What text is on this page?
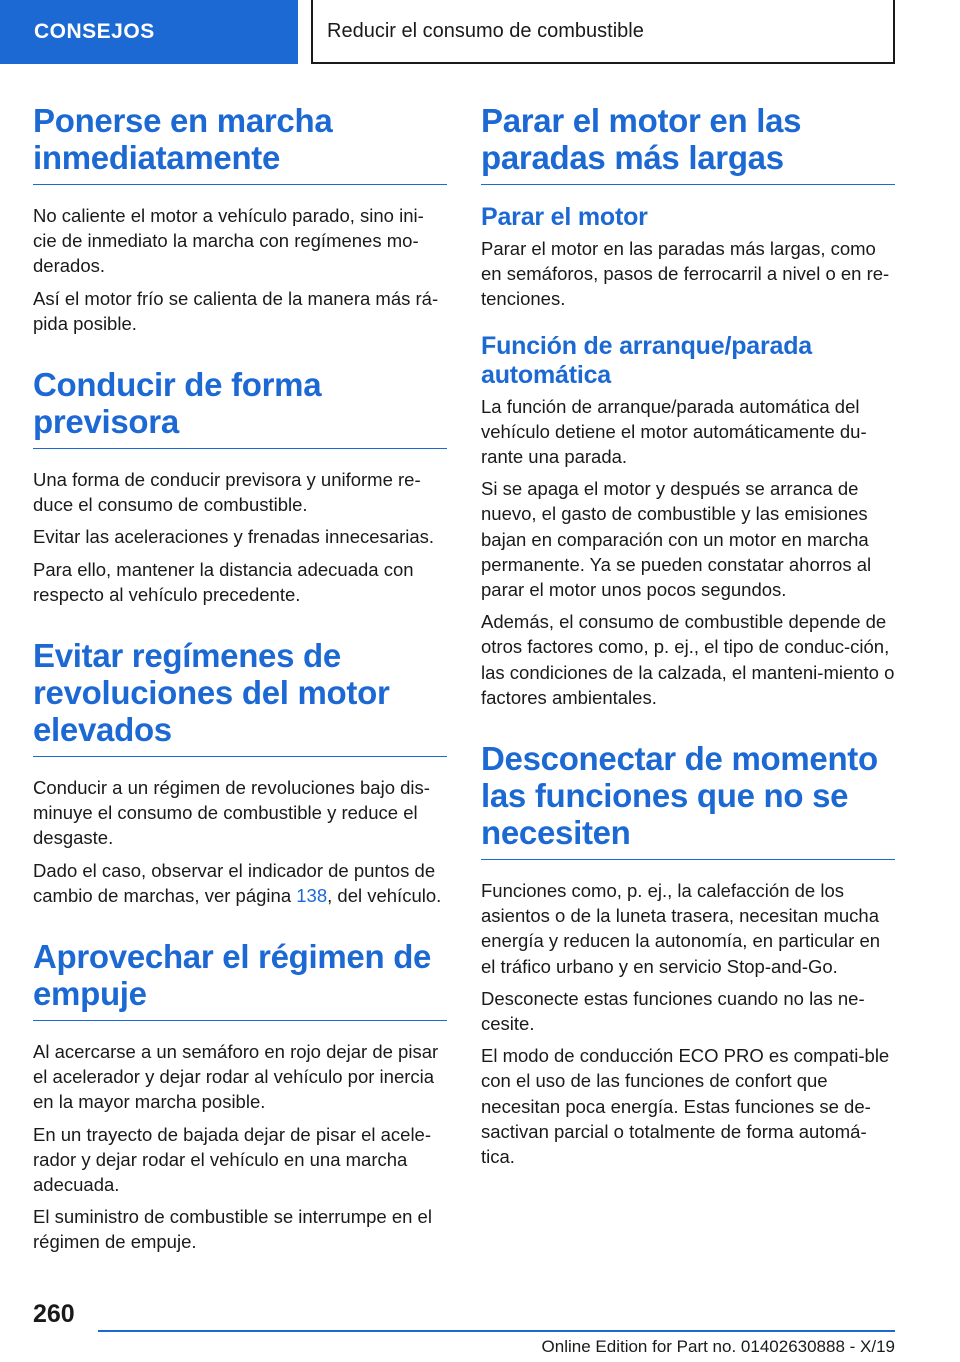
CONSEJOS	Reducir el consumo de combustible
Ponerse en marcha inmediatamente

No caliente el motor a vehículo parado, sino ini-cie de inmediato la marcha con regímenes mo-derados.

Así el motor frío se calienta de la manera más rá-pida posible.

Conducir de forma previsora

Una forma de conducir previsora y uniforme re-duce el consumo de combustible.

Evitar las aceleraciones y frenadas innecesarias.

Para ello, mantener la distancia adecuada con respecto al vehículo precedente.

Evitar regímenes de revoluciones del motor elevados

Conducir a un régimen de revoluciones bajo dis-minuye el consumo de combustible y reduce el desgaste.

Dado el caso, observar el indicador de puntos de cambio de marchas, ver página 138, del vehículo.

Aprovechar el régimen de empuje

Al acercarse a un semáforo en rojo dejar de pisar el acelerador y dejar rodar al vehículo por inercia en la mayor marcha posible.

En un trayecto de bajada dejar de pisar el acele-rador y dejar rodar el vehículo en una marcha adecuada.

El suministro de combustible se interrumpe en el régimen de empuje.

Parar el motor en las paradas más largas
Parar el motor

Parar el motor en las paradas más largas, como en semáforos, pasos de ferrocarril a nivel o en re-tenciones.

Función de arranque/parada automática

La función de arranque/parada automática del vehículo detiene el motor automáticamente du-rante una parada.

Si se apaga el motor y después se arranca de nuevo, el gasto de combustible y las emisiones bajan en comparación con un motor en marcha permanente. Ya se pueden constatar ahorros al parar el motor unos pocos segundos.

Además, el consumo de combustible depende de otros factores como, p. ej., el tipo de conduc-ción, las condiciones de la calzada, el manteni-miento o factores ambientales.

Desconectar de momento las funciones que no se necesiten

Funciones como, p. ej., la calefacción de los asientos o de la luneta trasera, necesitan mucha energía y reducen la autonomía, en particular en el tráfico urbano y en servicio Stop-and-Go.

Desconecte estas funciones cuando no las ne-cesite.

El modo de conducción ECO PRO es compati-ble con el uso de las funciones de confort que necesitan poca energía. Estas funciones se de-sactivan parcial o totalmente de forma automá-tica.

260
Online Edition for Part no. 01402630888 - X/19
